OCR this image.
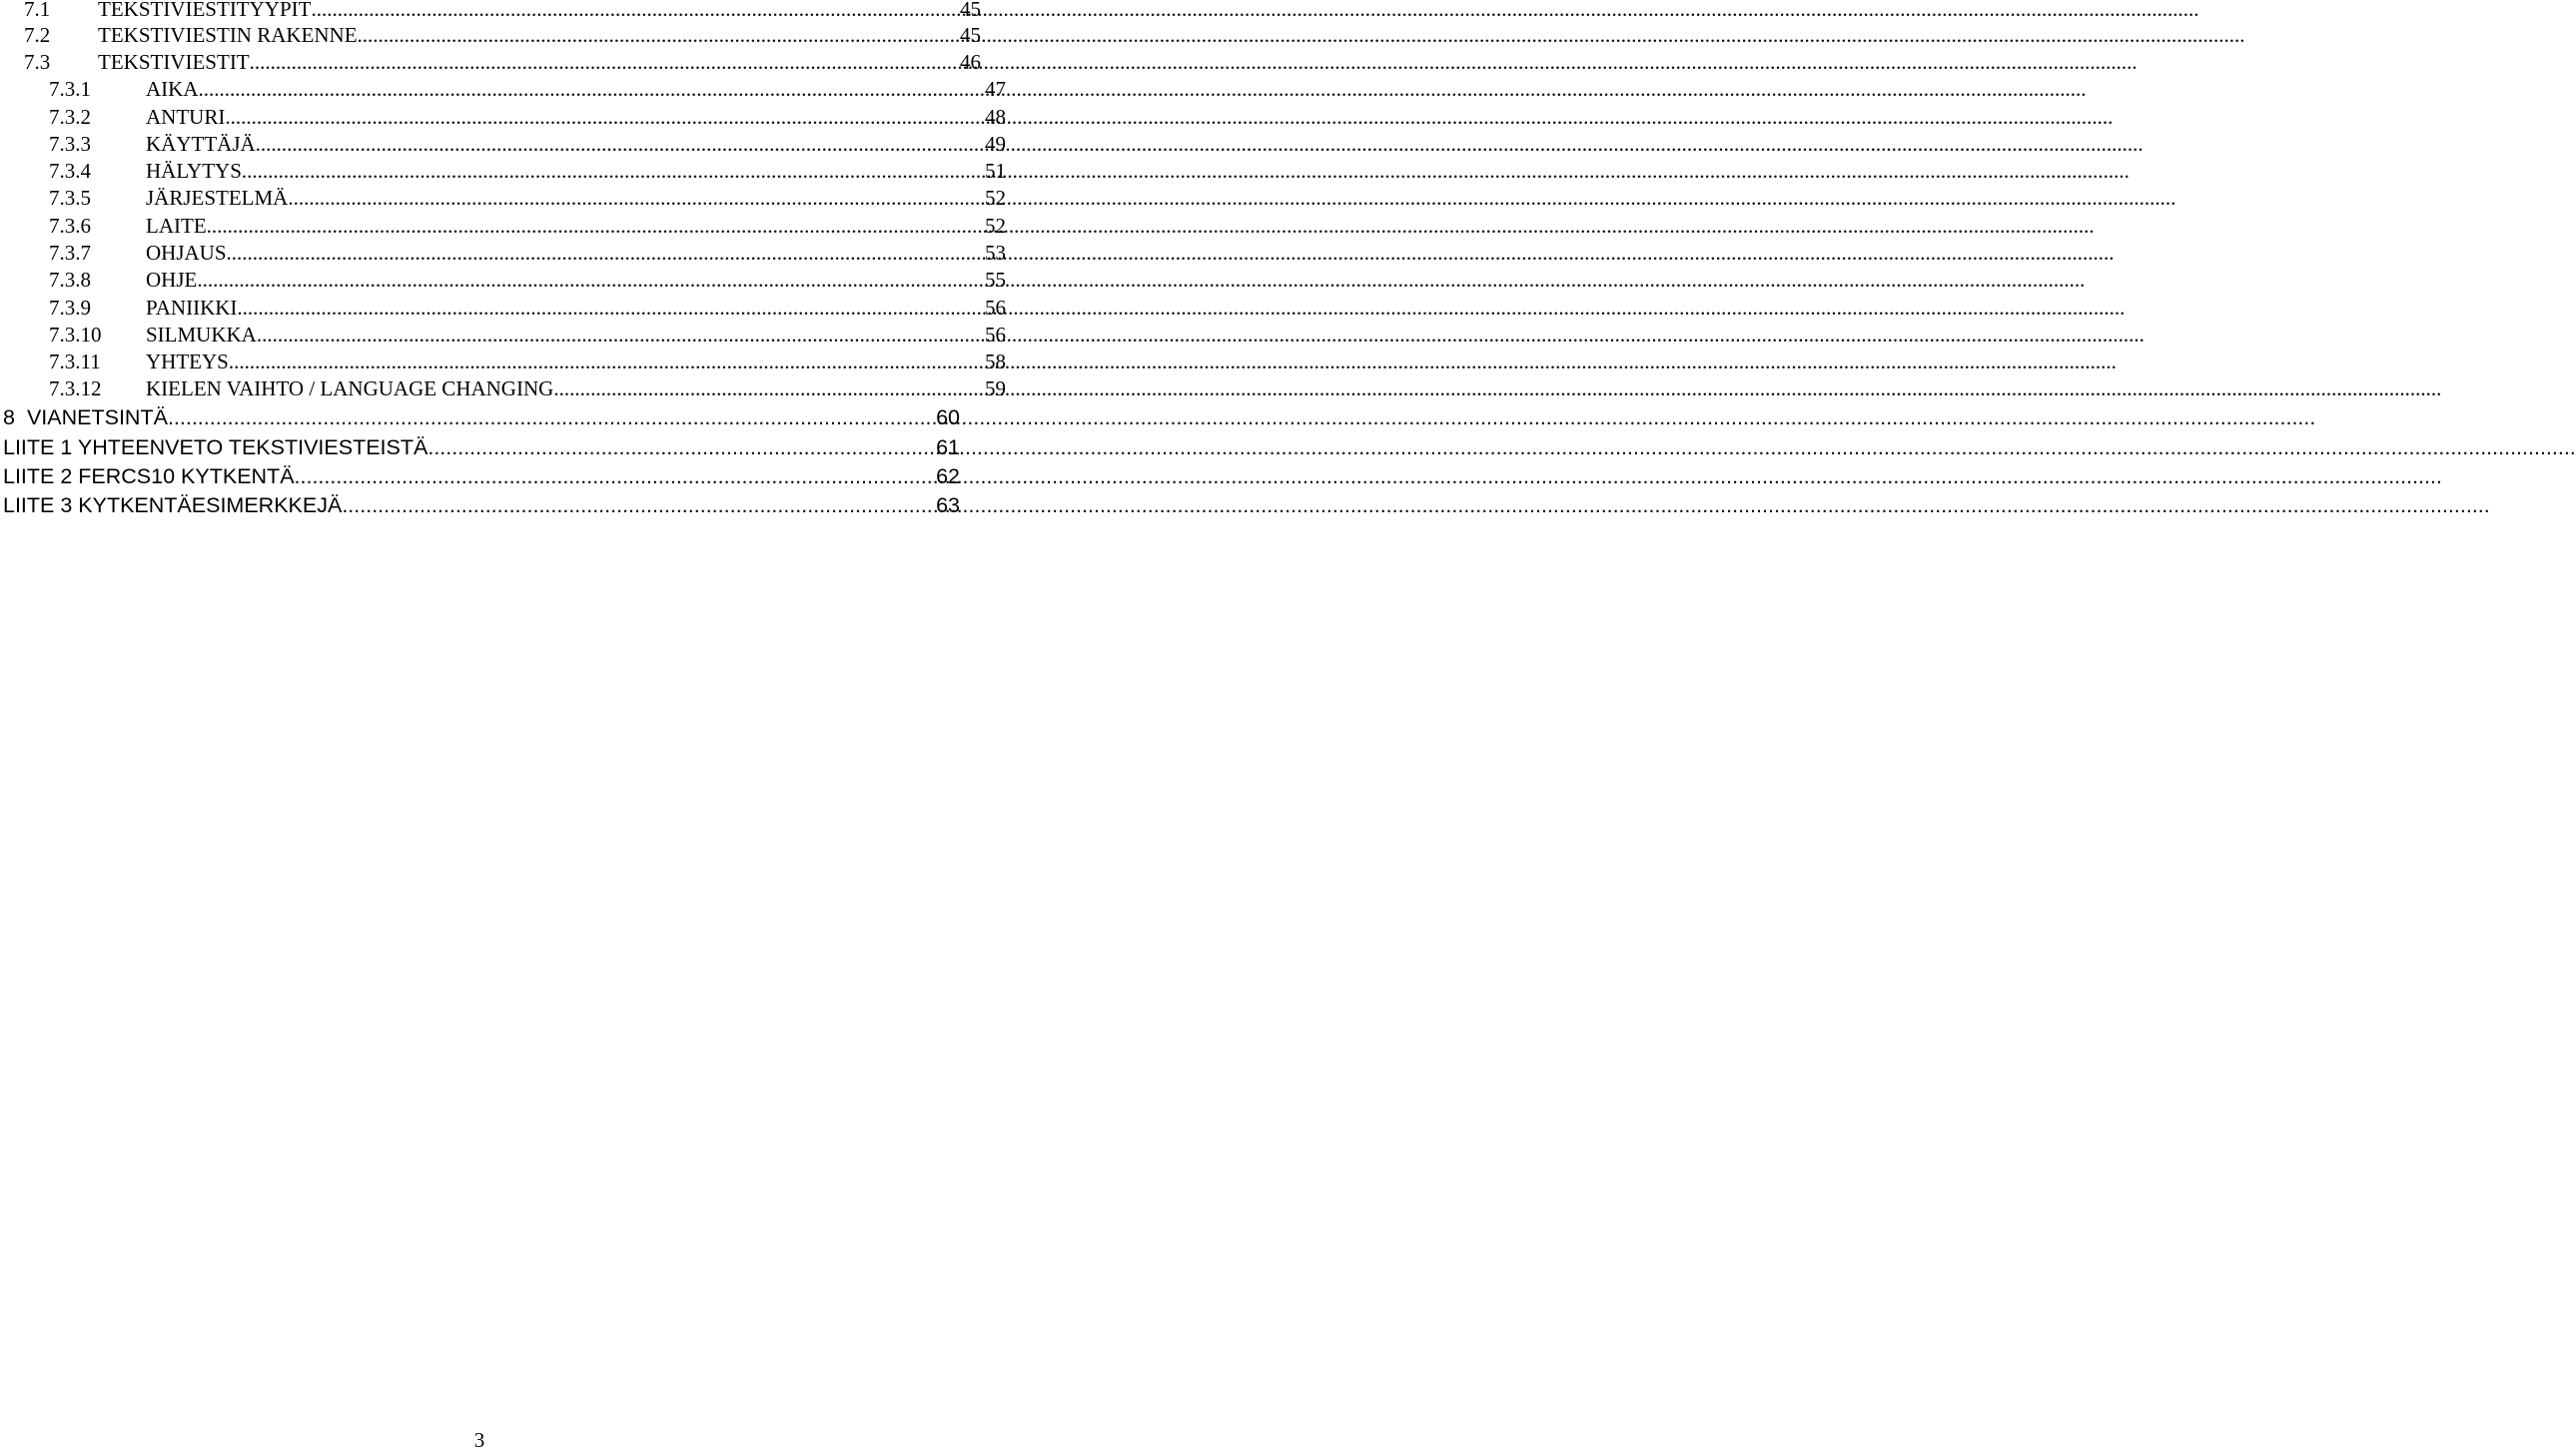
7.1	TEKSTIVIESTITYYPIT .....	45
7.2	TEKSTIVIESTIN RAKENNE .....	45
7.3	TEKSTIVIESTIT .....	46
7.3.1	AIKA .....	47
7.3.2	ANTURI .....	48
7.3.3	KÄYTTÄJÄ .....	49
7.3.4	HÄLYTYS .....	51
7.3.5	JÄRJESTELMÄ .....	52
7.3.6	LAITE .....	52
7.3.7	OHJAUS .....	53
7.3.8	OHJE .....	55
7.3.9	PANIIKKI .....	56
7.3.10	SILMUKKA .....	56
7.3.11	YHTEYS .....	58
7.3.12	KIELEN VAIHTO / LANGUAGE CHANGING .....	59
8 VIANETSINTÄ .....	60
LIITE 1 YHTEENVETO TEKSTIVIESTEISTÄ .....	61
LIITE 2 FERCS10 KYTKENTÄ .....	62
LIITE 3 KYTKENTÄESIMERKKEJÄ .....	63
3
